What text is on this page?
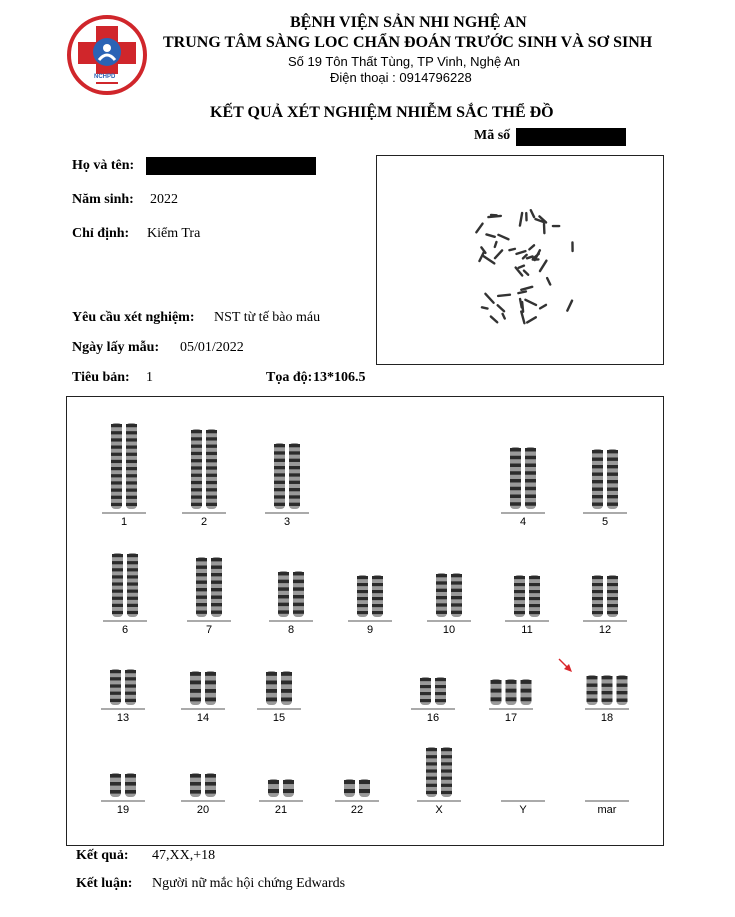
NCHPD
BỆNH VIỆN SẢN NHI NGHỆ AN
TRUNG TÂM SÀNG LOC CHẨN ĐOÁN TRƯỚC SINH VÀ SƠ SINH
Số 19 Tôn Thất Tùng, TP Vinh, Nghệ An
Điện thoại : 0914796228
KẾT QUẢ XÉT NGHIỆM NHIỄM SẮC THỂ ĐỒ
Mã số
Họ và tên:
Năm sinh: 2022
Chỉ định: Kiểm Tra
Yêu cầu xét nghiệm: NST từ tế bào máu
Ngày lấy mẫu: 05/01/2022
Tiêu bản: 1	Tọa độ: 13*106.5
1	2	3	4	5
6	7	8	9	10	11	12
13	14	15	16	17	18
19	20	21	22	X	Y	mar
Kết quả: 47,XX,+18
Kết luận: Người nữ mắc hội chứng Edwards
